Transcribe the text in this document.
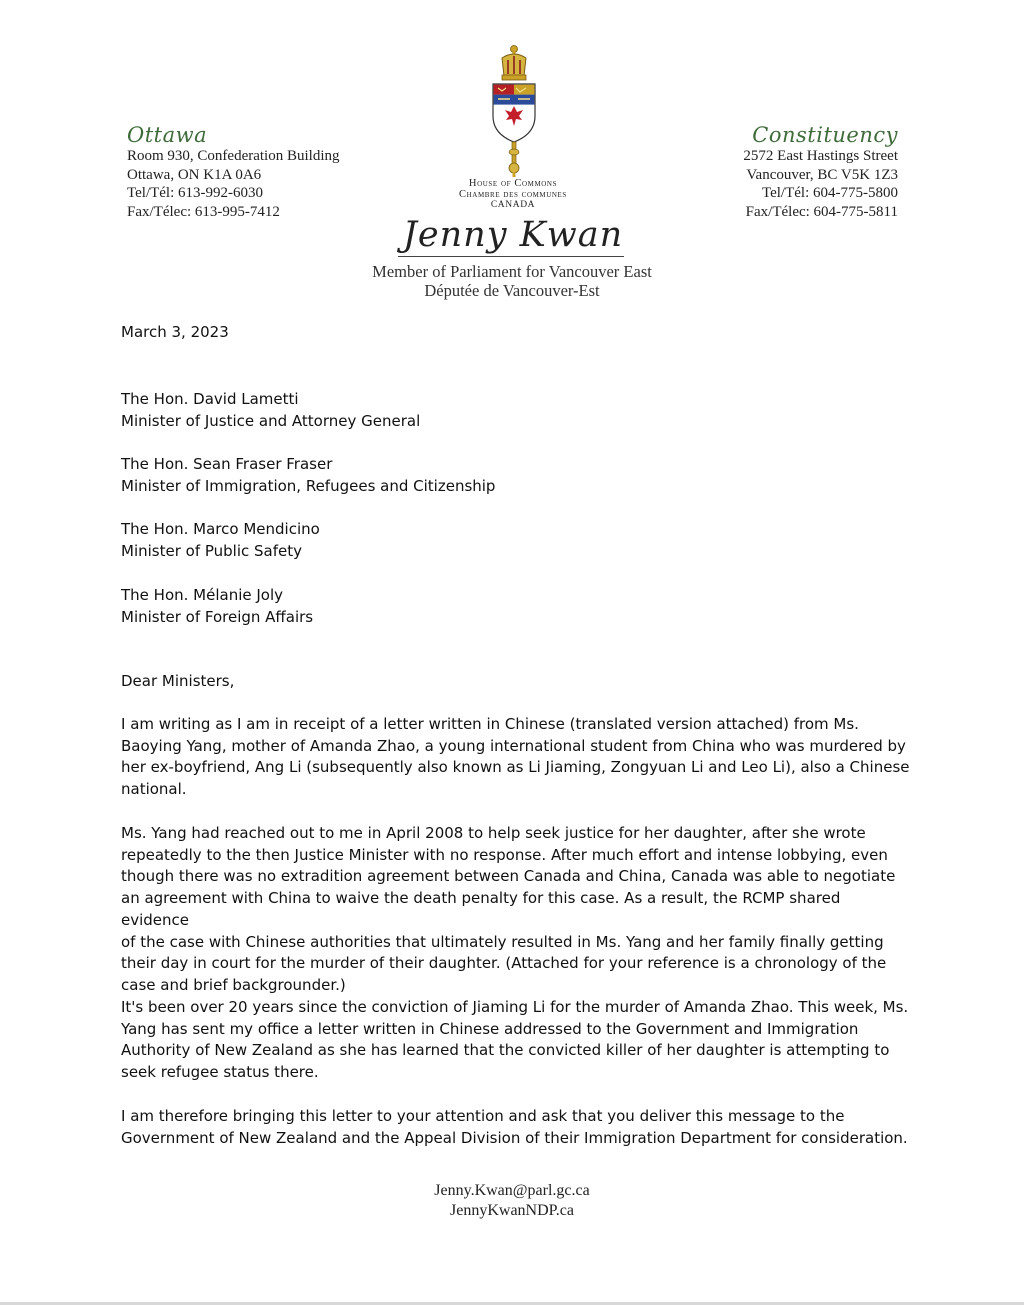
Ottawa
Room 930, Confederation Building
Ottawa, ON K1A 0A6
Tel/Tél: 613-992-6030
Fax/Télec: 613-995-7412
House of Commons
Chambre des communes
CANADA
Constituency
2572 East Hastings Street
Vancouver, BC V5K 1Z3
Tel/Tél: 604-775-5800
Fax/Télec: 604-775-5811
Jenny Kwan
Member of Parliament for Vancouver East
Députée de Vancouver-Est
March 3, 2023
The Hon. David Lametti
Minister of Justice and Attorney General
The Hon. Sean Fraser Fraser
Minister of Immigration, Refugees and Citizenship
The Hon. Marco Mendicino
Minister of Public Safety
The Hon. Mélanie Joly
Minister of Foreign Affairs
Dear Ministers,
I am writing as I am in receipt of a letter written in Chinese (translated version attached) from Ms.
Baoying Yang, mother of Amanda Zhao, a young international student from China who was murdered by
her ex-boyfriend, Ang Li (subsequently also known as Li Jiaming, Zongyuan Li and Leo Li), also a Chinese
national.
Ms. Yang had reached out to me in April 2008 to help seek justice for her daughter, after she wrote
repeatedly to the then Justice Minister with no response. After much effort and intense lobbying, even
though there was no extradition agreement between Canada and China, Canada was able to negotiate
an agreement with China to waive the death penalty for this case. As a result, the RCMP shared evidence
of the case with Chinese authorities that ultimately resulted in Ms. Yang and her family finally getting
their day in court for the murder of their daughter. (Attached for your reference is a chronology of the
case and brief backgrounder.)
It's been over 20 years since the conviction of Jiaming Li for the murder of Amanda Zhao. This week, Ms.
Yang has sent my office a letter written in Chinese addressed to the Government and Immigration
Authority of New Zealand as she has learned that the convicted killer of her daughter is attempting to
seek refugee status there.
I am therefore bringing this letter to your attention and ask that you deliver this message to the
Government of New Zealand and the Appeal Division of their Immigration Department for consideration.
Jenny.Kwan@parl.gc.ca
JennyKwanNDP.ca
